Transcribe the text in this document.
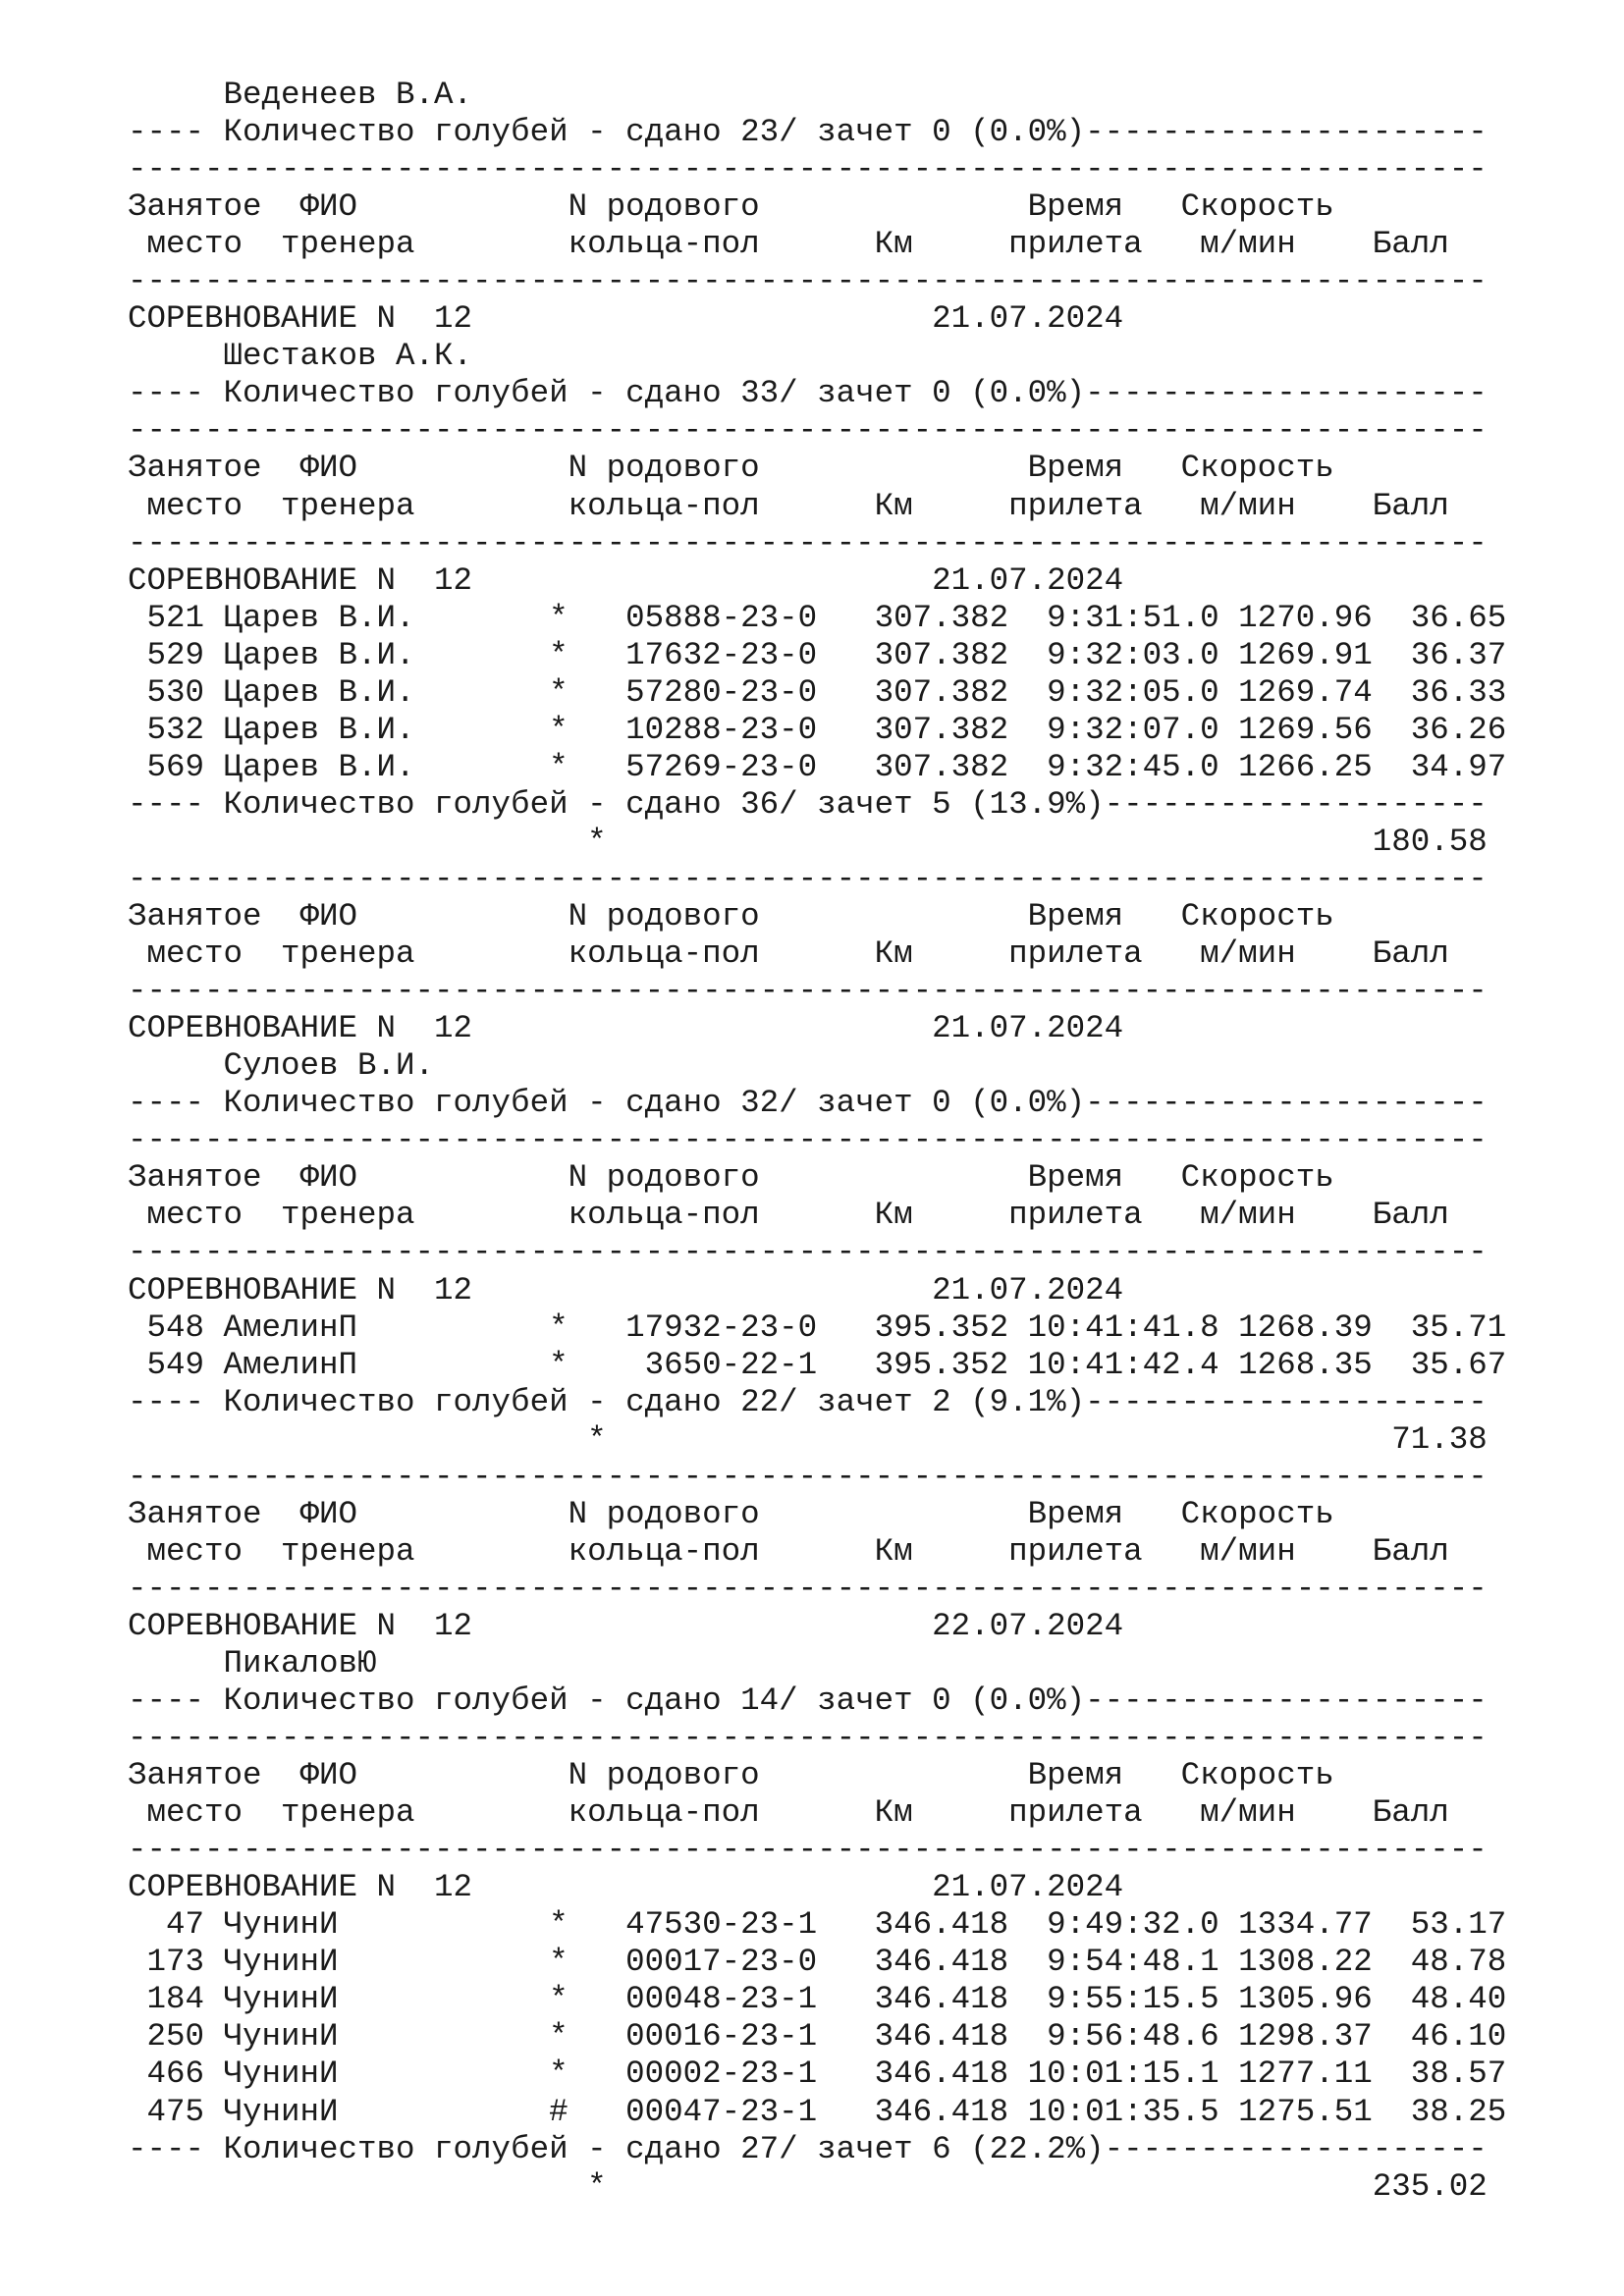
Веденеев В.А.
---- Количество голубей - сдано 23/ зачет 0 (0.0%)---------------------
-----------------------------------------------------------------------
Занятое  ФИО           N родового              Время   Скорость
место  тренера        кольца-пол      Км     прилета   м/мин    Балл
-----------------------------------------------------------------------
СОРЕВНОВАНИЕ N  12                        21.07.2024
Шестаков А.К.
---- Количество голубей - сдано 33/ зачет 0 (0.0%)---------------------
-----------------------------------------------------------------------
Занятое  ФИО           N родового              Время   Скорость
место  тренера        кольца-пол      Км     прилета   м/мин    Балл
-----------------------------------------------------------------------
СОРЕВНОВАНИЕ N  12                        21.07.2024
521 Царев В.И.       *   05888-23-0   307.382  9:31:51.0 1270.96  36.65
529 Царев В.И.       *   17632-23-0   307.382  9:32:03.0 1269.91  36.37
530 Царев В.И.       *   57280-23-0   307.382  9:32:05.0 1269.74  36.33
532 Царев В.И.       *   10288-23-0   307.382  9:32:07.0 1269.56  36.26
569 Царев В.И.       *   57269-23-0   307.382  9:32:45.0 1266.25  34.97
---- Количество голубей - сдано 36/ зачет 5 (13.9%)--------------------
*                                        180.58
-----------------------------------------------------------------------
Занятое  ФИО           N родового              Время   Скорость
место  тренера        кольца-пол      Км     прилета   м/мин    Балл
-----------------------------------------------------------------------
СОРЕВНОВАНИЕ N  12                        21.07.2024
Сулоев В.И.
---- Количество голубей - сдано 32/ зачет 0 (0.0%)---------------------
-----------------------------------------------------------------------
Занятое  ФИО           N родового              Время   Скорость
место  тренера        кольца-пол      Км     прилета   м/мин    Балл
-----------------------------------------------------------------------
СОРЕВНОВАНИЕ N  12                        21.07.2024
548 АмелинП          *   17932-23-0   395.352 10:41:41.8 1268.39  35.71
549 АмелинП          *    3650-22-1   395.352 10:41:42.4 1268.35  35.67
---- Количество голубей - сдано 22/ зачет 2 (9.1%)---------------------
*                                         71.38
-----------------------------------------------------------------------
Занятое  ФИО           N родового              Время   Скорость
место  тренера        кольца-пол      Км     прилета   м/мин    Балл
-----------------------------------------------------------------------
СОРЕВНОВАНИЕ N  12                        22.07.2024
ПикаловЮ
---- Количество голубей - сдано 14/ зачет 0 (0.0%)---------------------
-----------------------------------------------------------------------
Занятое  ФИО           N родового              Время   Скорость
место  тренера        кольца-пол      Км     прилета   м/мин    Балл
-----------------------------------------------------------------------
СОРЕВНОВАНИЕ N  12                        21.07.2024
47 ЧунинИ           *   47530-23-1   346.418  9:49:32.0 1334.77  53.17
173 ЧунинИ           *   00017-23-0   346.418  9:54:48.1 1308.22  48.78
184 ЧунинИ           *   00048-23-1   346.418  9:55:15.5 1305.96  48.40
250 ЧунинИ           *   00016-23-1   346.418  9:56:48.6 1298.37  46.10
466 ЧунинИ           *   00002-23-1   346.418 10:01:15.1 1277.11  38.57
475 ЧунинИ           #   00047-23-1   346.418 10:01:35.5 1275.51  38.25
---- Количество голубей - сдано 27/ зачет 6 (22.2%)--------------------
*                                        235.02
